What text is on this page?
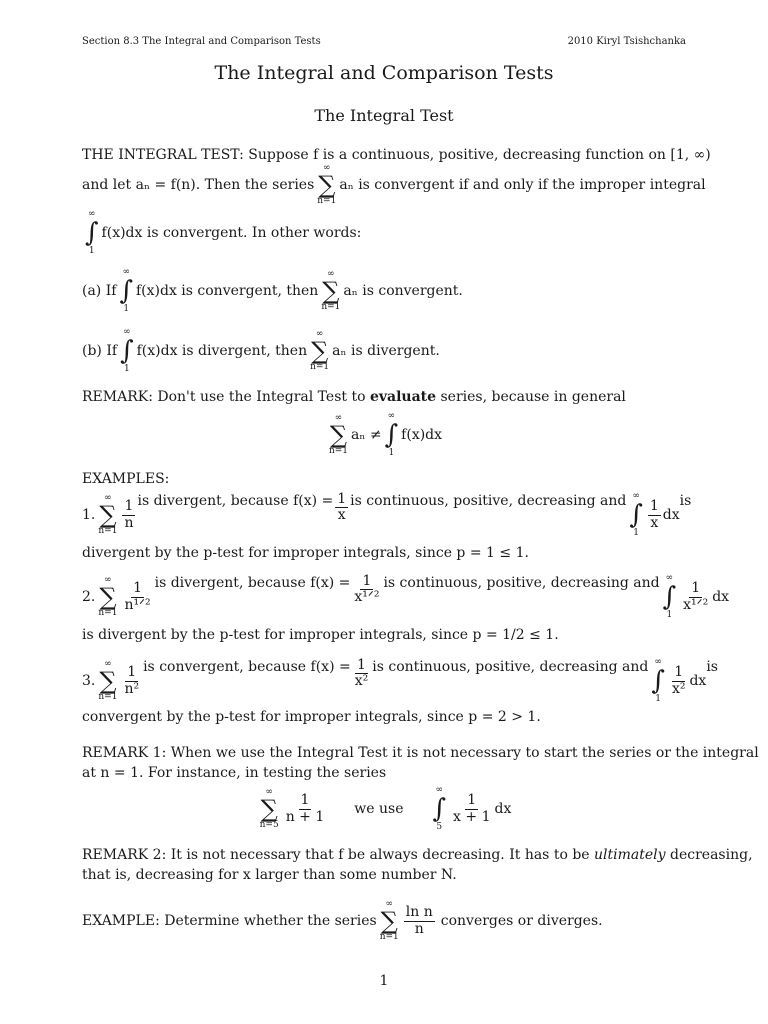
Section 8.3 The Integral and Comparison Tests	2010 Kiryl Tsishchanka
The Integral and Comparison Tests
The Integral Test
THE INTEGRAL TEST: Suppose f is a continuous, positive, decreasing function on [1, ∞)
and let aₙ = f(n). Then the series
∞
∑
n=1
aₙ is convergent if and only if the improper integral
∞
∫
1
f(x)dx is convergent. In other words:
(a) If
∞
∫
1
f(x)dx is convergent, then
∞
∑
n=1
aₙ is convergent.
(b) If
∞
∫
1
f(x)dx is divergent, then
∞
∑
n=1
aₙ is divergent.
REMARK: Don't use the Integral Test to evaluate series, because in general
∞
∑
n=1
aₙ ≠
∞
∫
1
f(x)dx
EXAMPLES:
1.
∞
∑
n=1
$\frac{1}{n}$ is divergent, because $f(x) = \frac{1}{x}$ is continuous, positive, decreasing and ∞
∫
1
$\frac{1}{x}$ dx
is
divergent by the p-test for improper integrals, since p = 1 ≤ 1.
2.
∞
∑
n=1
$\frac{1}{\text{n¹ᐟ²}}$ is divergent, because $f(x) = \frac{1}{\text{x¹ᐟ²}}$ is continuous, positive, decreasing and ∞
∫
1
$\frac{1}{\text{x¹ᐟ²}}$ dx
is divergent by the p-test for improper integrals, since p = 1/2 ≤ 1.
3.
∞
∑
n=1
$\frac{1}{\text{n²}}$ is convergent, because $f(x) = \frac{1}{\text{x²}}$ is continuous, positive, decreasing and ∞
∫
1
$\frac{1}{\text{x²}}$ dx
is
convergent by the p-test for improper integrals, since p = 2 > 1.
REMARK 1: When we use the Integral Test it is not necessary to start the series or the integral
at n = 1. For instance, in testing the series
∞
∑
n=5
$\frac{1}{n + 1}$ we use
∞
∫
5
$\frac{1}{x + 1}$ dx
REMARK 2: It is not necessary that f be always decreasing. It has to be ultimately decreasing,
that is, decreasing for x larger than some number N.
EXAMPLE: Determine whether the series
∞
∑
n=1
$\frac{\text{ln n}}{n}$ converges or diverges.
1
